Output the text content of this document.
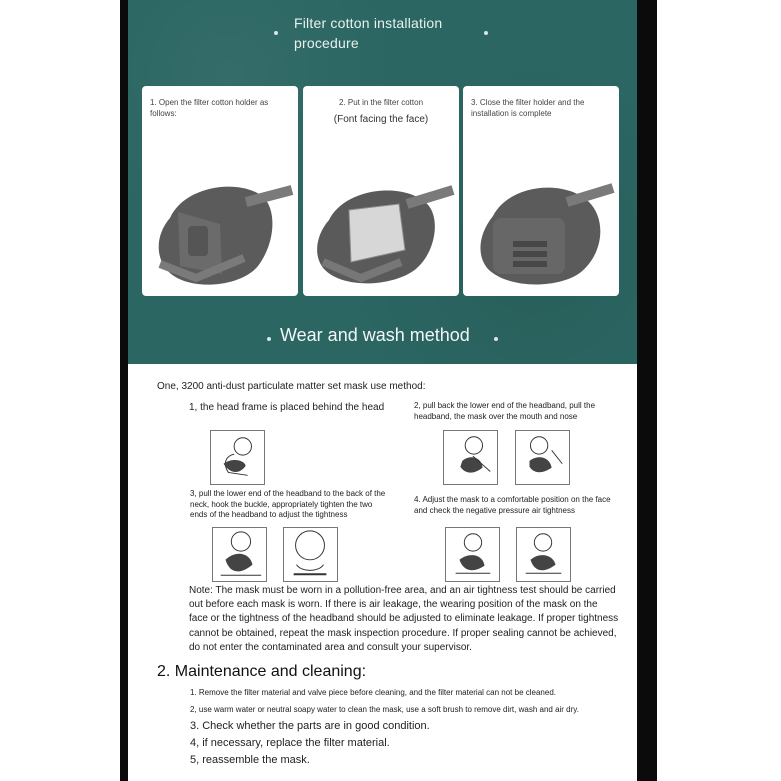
Filter cotton installation
procedure
1. Open the filter cotton holder as follows:
2. Put in the filter cotton
(Font facing the face)
3. Close the filter holder and the installation is complete
Wear and wash method
One, 3200 anti-dust particulate matter set mask use method:
1, the head frame is placed behind the head	2, pull back the lower end of the headband, pull the headband, the mask over the mouth and nose
3, pull the lower end of the headband to the back of the neck, hook the buckle, appropriately tighten the two ends of the headband to adjust the tightness
4. Adjust the mask to a comfortable position on the face and check the negative pressure air tightness
Note: The mask must be worn in a pollution-free area, and an air tightness test should be carried out before each mask is worn. If there is air leakage, the wearing position of the mask on the face or the tightness of the headband should be adjusted to eliminate leakage. If proper tightness cannot be obtained, repeat the mask inspection procedure. If proper sealing cannot be achieved, do not enter the contaminated area and consult your supervisor.
2. Maintenance and cleaning:
1. Remove the filter material and valve piece before cleaning, and the filter material can not be cleaned.
2, use warm water or neutral soapy water to clean the mask, use a soft brush to remove dirt, wash and air dry.
3. Check whether the parts are in good condition.
4, if necessary, replace the filter material.
5, reassemble the mask.
